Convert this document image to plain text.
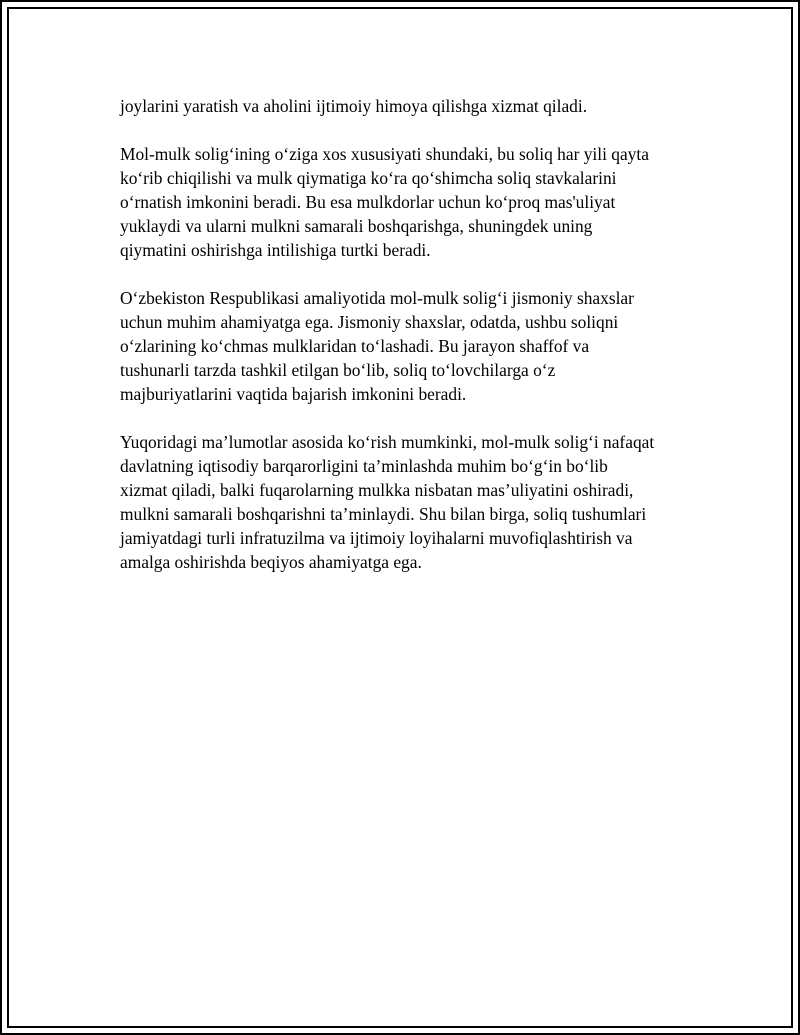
joylarini yaratish va aholini ijtimoiy himoya qilishga xizmat qiladi.

Mol-mulk solig‘ining o‘ziga xos xususiyati shundaki, bu soliq har yili qayta
ko‘rib chiqilishi va mulk qiymatiga ko‘ra qo‘shimcha soliq stavkalarini
o‘rnatish imkonini beradi. Bu esa mulkdorlar uchun ko‘proq mas'uliyat
yuklaydi va ularni mulkni samarali boshqarishga, shuningdek uning
qiymatini oshirishga intilishiga turtki beradi.

O‘zbekiston Respublikasi amaliyotida mol-mulk solig‘i jismoniy shaxslar
uchun muhim ahamiyatga ega. Jismoniy shaxslar, odatda, ushbu soliqni
o‘zlarining ko‘chmas mulklaridan to‘lashadi. Bu jarayon shaffof va
tushunarli tarzda tashkil etilgan bo‘lib, soliq to‘lovchilarga o‘z
majburiyatlarini vaqtida bajarish imkonini beradi.

Yuqoridagi ma’lumotlar asosida ko‘rish mumkinki, mol-mulk solig‘i nafaqat
davlatning iqtisodiy barqarorligini ta’minlashda muhim bo‘g‘in bo‘lib
xizmat qiladi, balki fuqarolarning mulkka nisbatan mas’uliyatini oshiradi,
mulkni samarali boshqarishni ta’minlaydi. Shu bilan birga, soliq tushumlari
jamiyatdagi turli infratuzilma va ijtimoiy loyihalarni muvofiqlashtirish va
amalga oshirishda beqiyos ahamiyatga ega.
